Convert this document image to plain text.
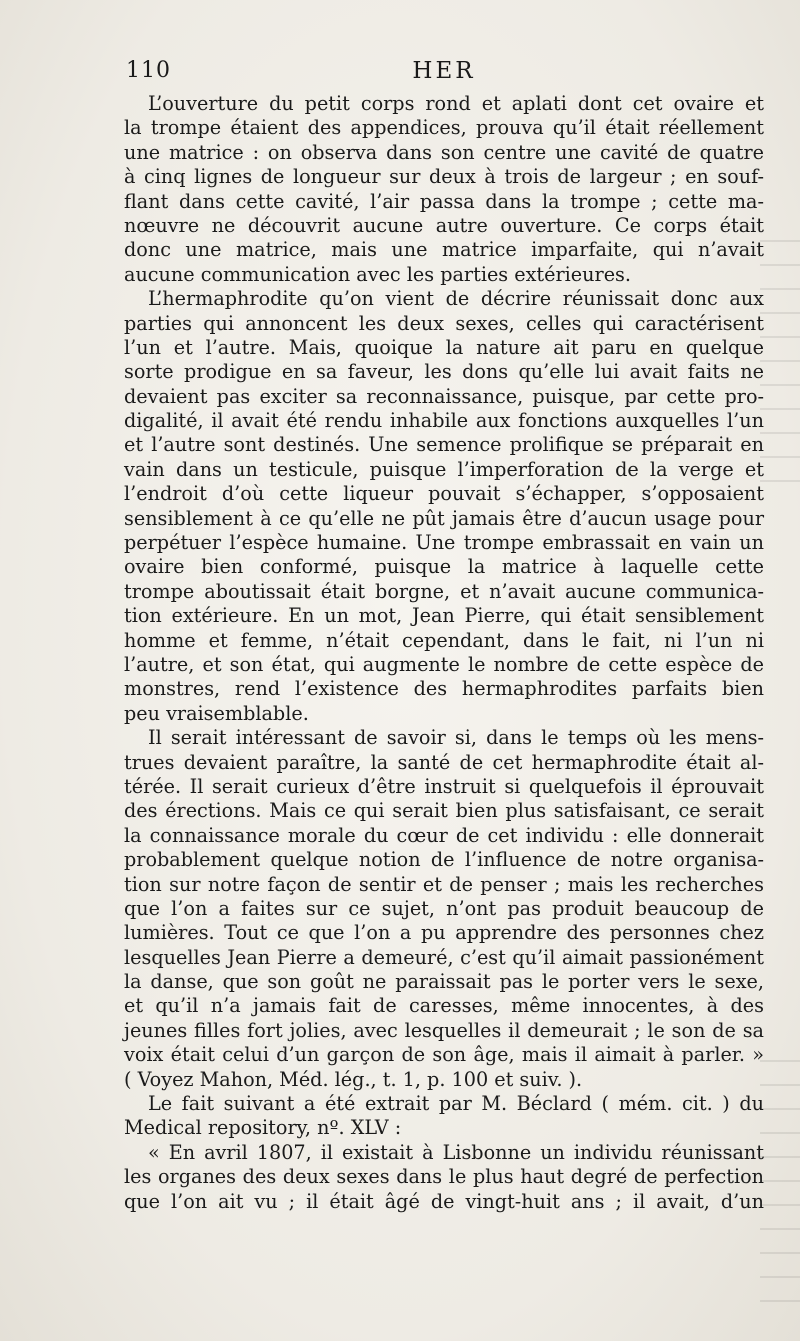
110	HER
L’ouverture du petit corps rond et aplati dont cet ovaire et
la trompe étaient des appendices, prouva qu’il était réellement
une matrice : on observa dans son centre une cavité de quatre
à cinq lignes de longueur sur deux à trois de largeur ; en souf-
flant dans cette cavité, l’air passa dans la trompe ; cette ma-
nœuvre ne découvrit aucune autre ouverture. Ce corps était
donc une matrice, mais une matrice imparfaite, qui n’avait
aucune communication avec les parties extérieures.
L’hermaphrodite qu’on vient de décrire réunissait donc aux
parties qui annoncent les deux sexes, celles qui caractérisent
l’un et l’autre. Mais, quoique la nature ait paru en quelque
sorte prodigue en sa faveur, les dons qu’elle lui avait faits ne
devaient pas exciter sa reconnaissance, puisque, par cette pro-
digalité, il avait été rendu inhabile aux fonctions auxquelles l’un
et l’autre sont destinés. Une semence prolifique se préparait en
vain dans un testicule, puisque l’imperforation de la verge et
l’endroit d’où cette liqueur pouvait s’échapper, s’opposaient
sensiblement à ce qu’elle ne pût jamais être d’aucun usage pour
perpétuer l’espèce humaine. Une trompe embrassait en vain un
ovaire bien conformé, puisque la matrice à laquelle cette
trompe aboutissait était borgne, et n’avait aucune communica-
tion extérieure. En un mot, Jean Pierre, qui était sensiblement
homme et femme, n’était cependant, dans le fait, ni l’un ni
l’autre, et son état, qui augmente le nombre de cette espèce de
monstres, rend l’existence des hermaphrodites parfaits bien
peu vraisemblable.
Il serait intéressant de savoir si, dans le temps où les mens-
trues devaient paraître, la santé de cet hermaphrodite était al-
térée. Il serait curieux d’être instruit si quelquefois il éprouvait
des érections. Mais ce qui serait bien plus satisfaisant, ce serait
la connaissance morale du cœur de cet individu : elle donnerait
probablement quelque notion de l’influence de notre organisa-
tion sur notre façon de sentir et de penser ; mais les recherches
que l’on a faites sur ce sujet, n’ont pas produit beaucoup de
lumières. Tout ce que l’on a pu apprendre des personnes chez
lesquelles Jean Pierre a demeuré, c’est qu’il aimait passionément
la danse, que son goût ne paraissait pas le porter vers le sexe,
et qu’il n’a jamais fait de caresses, même innocentes, à des
jeunes filles fort jolies, avec lesquelles il demeurait ; le son de sa
voix était celui d’un garçon de son âge, mais il aimait à parler. »
( Voyez Mahon, Méd. lég., t. 1, p. 100 et suiv. ).
Le fait suivant a été extrait par M. Béclard ( mém. cit. ) du
Medical repository, nº. XLV :
« En avril 1807, il existait à Lisbonne un individu réunissant
les organes des deux sexes dans le plus haut degré de perfection
que l’on ait vu ; il était âgé de vingt-huit ans ; il avait, d’un
